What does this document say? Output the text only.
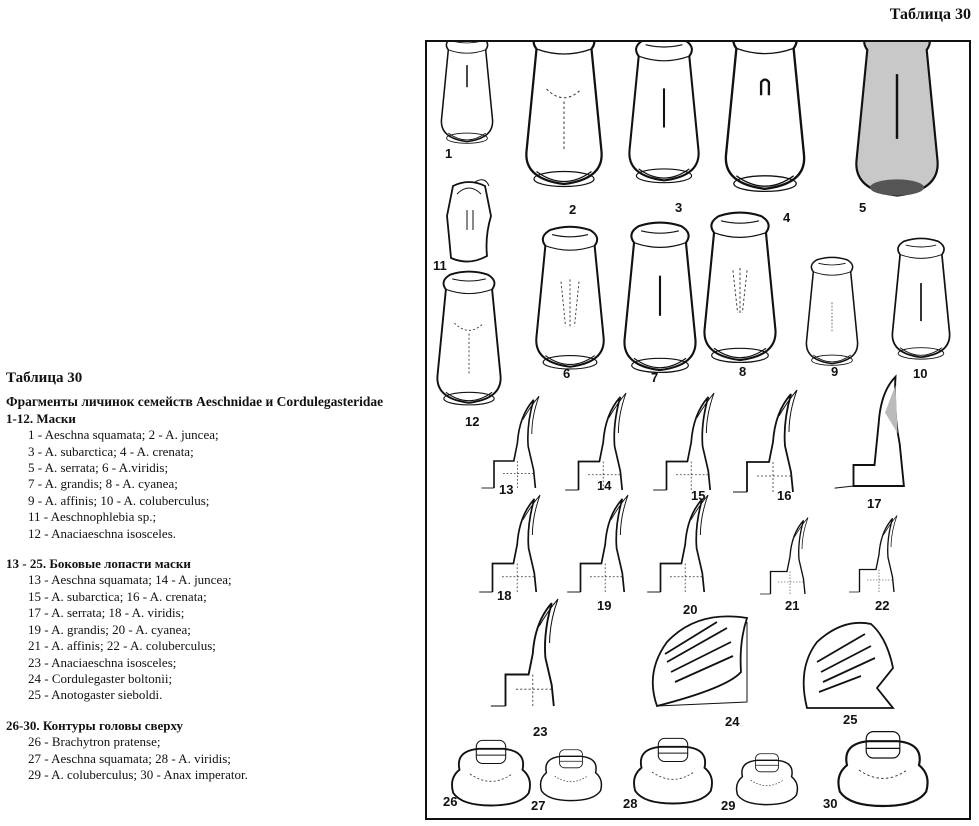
Таблица 30
Таблица 30
Фрагменты личинок семейств Aeschnidae и Cordulegasteridae
1-12. Маски
1 - Aeschna squamata; 2 - A. juncea;
3 - A. subarctica; 4 - A. crenata;
5 - A. serrata; 6 - A.viridis;
7 - A. grandis; 8 - A. cyanea;
9 - A. affinis; 10 - A. coluberculus;
11 - Aeschnophlebia sp.;
12 - Anaciaeschna isosceles.
13 - 25. Боковые лопасти маски
13 - Aeschna squamata; 14 - A. juncea;
15 - A. subarctica; 16 - A. crenata;
17 - A. serrata; 18 - A. viridis;
19 - A. grandis; 20 - A. cyanea;
21 - A. affinis; 22 - A. coluberculus;
23 - Anaciaeschna isosceles;
24 - Cordulegaster boltonii;
25 - Anotogaster sieboldi.
26-30. Контуры головы сверху
26 - Brachytron pratense;
27 - Aeschna squamata; 28 - A. viridis;
29 - A. coluberculus; 30 - Anax imperator.
1
2	3
4
5
6	7	8	9	10
11
12
13	14
15	16
17
18
19	20	21	22
23
24	25
26	27	28	29	30
